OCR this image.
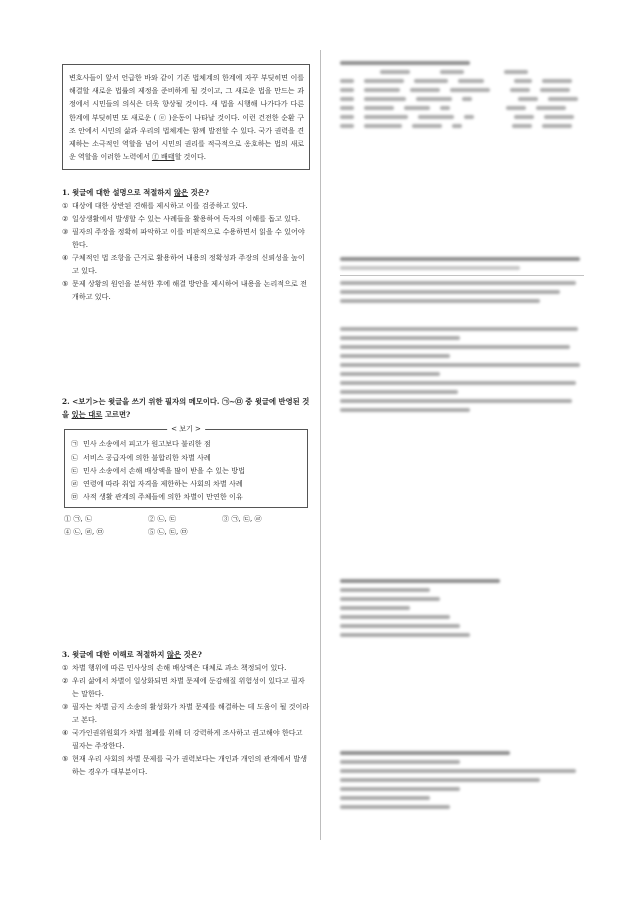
변호사들이 앞서 언급한 바와 같이 기존 법체계의 한계에 자꾸 부딪히면 이를 해결할 새로운 법률의 제정을 준비하게 될 것이고, 그 새로운 법을 만드는 과정에서 시민들의 의식은 더욱 향상될 것이다. 새 법을 시행해 나가다가 다른 한계에 부딪히면 또 새로운 ( ⓔ )운동이 나타날 것이다. 이런 건전한 순환 구조 안에서 시민의 삶과 우리의 법체계는 함께 발전할 수 있다. 국가 권력을 견제하는 소극적인 역할을 넘어 시민의 권리를 적극적으로 옹호하는 법의 새로운 역할을 이러한 노력에서 ⓕ 배태할 것이다.
1. 윗글에 대한 설명으로 적절하지 않은 것은?
① 대상에 대한 상반된 견해를 제시하고 이를 검증하고 있다.
② 일상생활에서 발생할 수 있는 사례들을 활용하여 독자의 이해를 돕고 있다.
③ 필자의 주장을 정확히 파악하고 이를 비판적으로 수용하면서 읽을 수 있어야 한다.
④ 구체적인 법 조항을 근거로 활용하여 내용의 정확성과 주장의 신뢰성을 높이고 있다.
⑤ 문제 상황의 원인을 분석한 후에 해결 방안을 제시하여 내용을 논리적으로 전개하고 있다.
2. <보기>는 윗글을 쓰기 위한 필자의 메모이다. ㉠~㉤ 중 윗글에 반영된 것을 있는 대로 고르면?
< 보기 >
㉠ 민사 소송에서 피고가 원고보다 불리한 점
㉡ 서비스 공급자에 의한 불합리한 차별 사례
㉢ 민사 소송에서 손해 배상액을 많이 받을 수 있는 방법
㉣ 연령에 따라 취업 자격을 제한하는 사회의 차별 사례
㉤ 사적 생활 관계의 주체들에 의한 차별이 만연한 이유
① ㉠, ㉡	② ㉡, ㉢	③ ㉠, ㉢, ㉣
④ ㉡, ㉣, ㉤	⑤ ㉡, ㉢, ㉤
3. 윗글에 대한 이해로 적절하지 않은 것은?
① 차별 행위에 따른 민사상의 손해 배상액은 대체로 과소 책정되어 있다.
② 우리 삶에서 차별이 일상화되면 차별 문제에 둔감해질 위험성이 있다고 필자는 말한다.
③ 필자는 차별 금지 소송의 활성화가 차별 문제를 해결하는 데 도움이 될 것이라고 본다.
④ 국가인권위원회가 차별 철폐를 위해 더 강력하게 조사하고 권고해야 한다고 필자는 주장한다.
⑤ 현재 우리 사회의 차별 문제를 국가 권력보다는 개인과 개인의 관계에서 발생하는 경우가 대부분이다.
